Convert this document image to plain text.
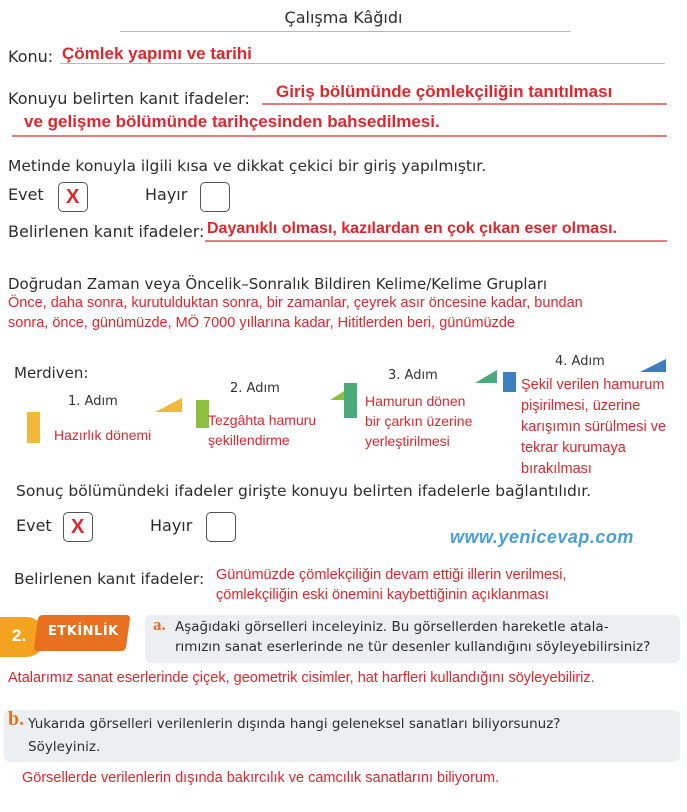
Çalışma Kâğıdı
Konu: Çömlek yapımı ve tarihi
Konuyu belirten kanıt ifadeler: Giriş bölümünde çömlekçiliğin tanıtılması
ve gelişme bölümünde tarihçesinden bahsedilmesi.
Metinde konuyla ilgili kısa ve dikkat çekici bir giriş yapılmıştır.
Evet X	Hayır
Belirlenen kanıt ifadeler: Dayanıklı olması, kazılardan en çok çıkan eser olması.
Doğrudan Zaman veya Öncelik–Sonralık Bildiren Kelime/Kelime Grupları
Önce, daha sonra, kurutulduktan sonra, bir zamanlar, çeyrek asır öncesine kadar, bundan
sonra, önce, günümüzde, MÖ 7000 yıllarına kadar, Hititlerden beri, günümüzde
Merdiven:
1. Adım
2. Adım
3. Adım
4. Adım
Hazırlık dönemi
Tezgâhta hamuru
şekillendirme
Hamurun dönen
bir çarkın üzerine
yerleştirilmesi
Şekil verilen hamurum
pişirilmesi, üzerine
karışımın sürülmesi ve
tekrar kurumaya
bırakılması
Sonuç bölümündeki ifadeler girişte konuyu belirten ifadelerle bağlantılıdır.
Evet X	Hayır
www.yenicevap.com
Belirlenen kanıt ifadeler: Günümüzde çömlekçiliğin devam ettiği illerin verilmesi,
çömlekçiliğin eski önemini kaybettiğinin açıklanması
2. ETKİNLİK a. Aşağıdaki görselleri inceleyiniz. Bu görsellerden hareketle atala-
rımızın sanat eserlerinde ne tür desenler kullandığını söyleyebilirsiniz?
Atalarımız sanat eserlerinde çiçek, geometrik cisimler, hat harfleri kullandığını söyleyebiliriz.
b. Yukarıda görselleri verilenlerin dışında hangi geleneksel sanatları biliyorsunuz?
Söyleyiniz.
Görsellerde verilenlerin dışında bakırcılık ve camcılık sanatlarını biliyorum.
